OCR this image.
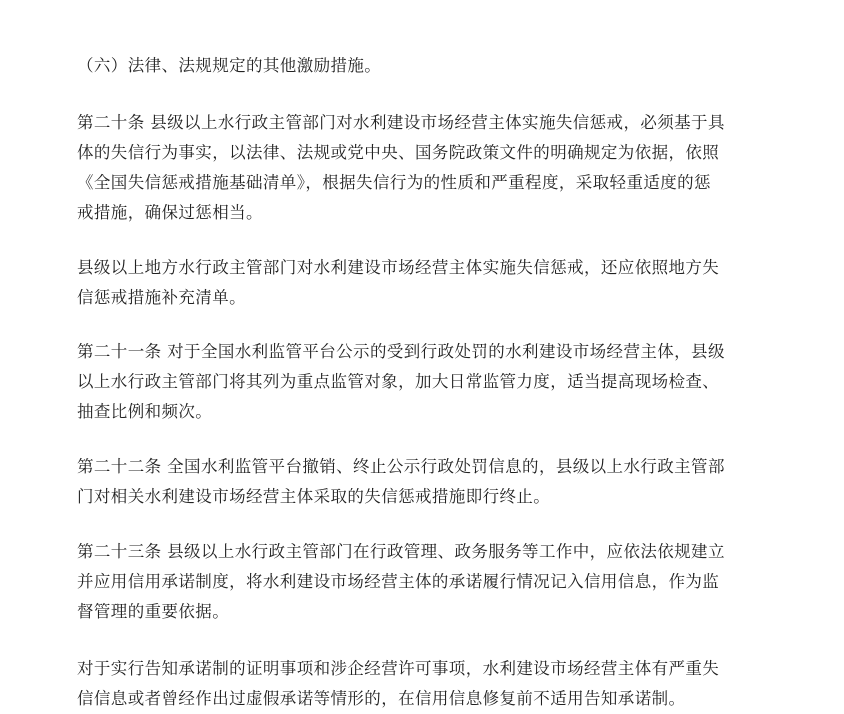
（六）法律、法规规定的其他激励措施。

第二十条 县级以上水行政主管部门对水利建设市场经营主体实施失信惩戒，必须基于具
体的失信行为事实，以法律、法规或党中央、国务院政策文件的明确规定为依据，依照
《全国失信惩戒措施基础清单》，根据失信行为的性质和严重程度，采取轻重适度的惩
戒措施，确保过惩相当。

县级以上地方水行政主管部门对水利建设市场经营主体实施失信惩戒，还应依照地方失
信惩戒措施补充清单。

第二十一条 对于全国水利监管平台公示的受到行政处罚的水利建设市场经营主体，县级
以上水行政主管部门将其列为重点监管对象，加大日常监管力度，适当提高现场检查、
抽查比例和频次。

第二十二条 全国水利监管平台撤销、终止公示行政处罚信息的，县级以上水行政主管部
门对相关水利建设市场经营主体采取的失信惩戒措施即行终止。

第二十三条 县级以上水行政主管部门在行政管理、政务服务等工作中，应依法依规建立
并应用信用承诺制度，将水利建设市场经营主体的承诺履行情况记入信用信息，作为监
督管理的重要依据。

对于实行告知承诺制的证明事项和涉企经营许可事项，水利建设市场经营主体有严重失
信信息或者曾经作出过虚假承诺等情形的，在信用信息修复前不适用告知承诺制。
